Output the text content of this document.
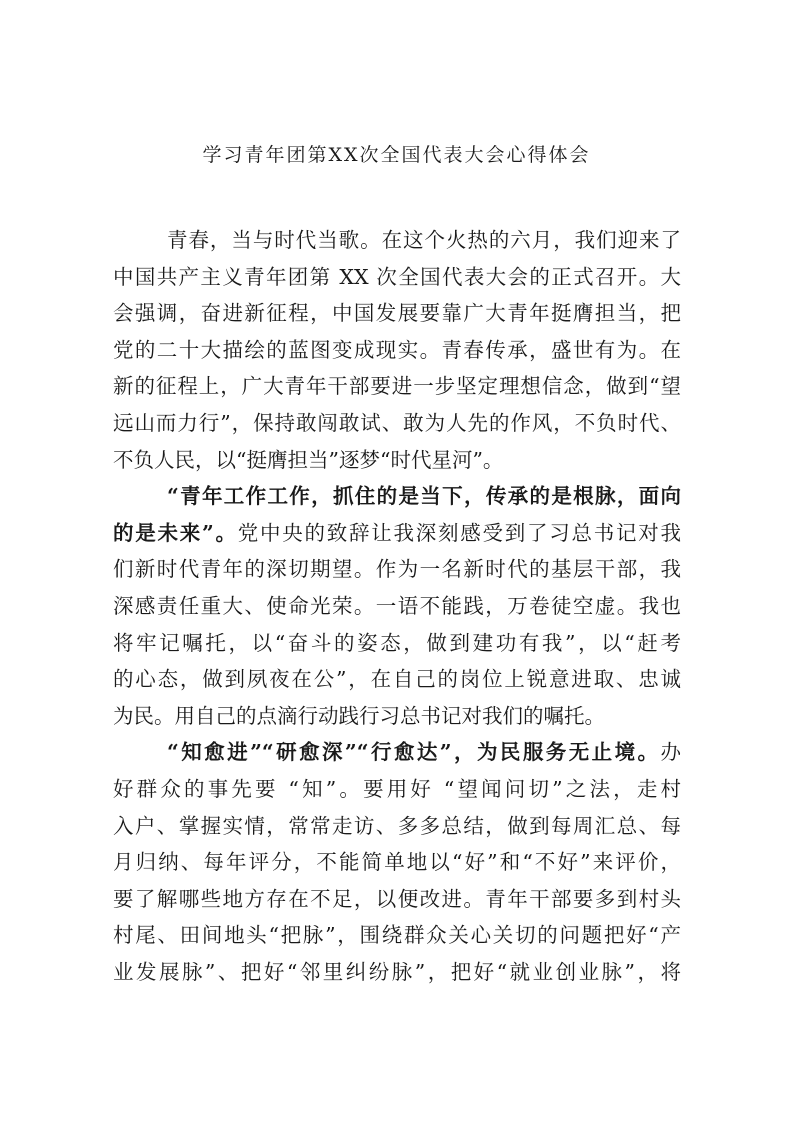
学习青年团第XX次全国代表大会心得体会
青春，当与时代当歌。在这个火热的六月，我们迎来了
中国共产主义青年团第 XX 次全国代表大会的正式召开。大
会强调，奋进新征程，中国发展要靠广大青年挺膺担当，把
党的二十大描绘的蓝图变成现实。青春传承，盛世有为。在
新的征程上，广大青年干部要进一步坚定理想信念，做到“望
远山而力行”，保持敢闯敢试、敢为人先的作风，不负时代、
不负人民，以“挺膺担当”逐梦“时代星河”。
“青年工作工作，抓住的是当下，传承的是根脉，面向
的是未来”。党中央的致辞让我深刻感受到了习总书记对我
们新时代青年的深切期望。作为一名新时代的基层干部，我
深感责任重大、使命光荣。一语不能践，万卷徒空虚。我也
将牢记嘱托，以“奋斗的姿态，做到建功有我”，以“赶考
的心态，做到夙夜在公”，在自己的岗位上锐意进取、忠诚
为民。用自己的点滴行动践行习总书记对我们的嘱托。
“知愈进”“研愈深”“行愈达”，为民服务无止境。办
好群众的事先要 “知”。要用好 “望闻问切”之法，走村
入户、掌握实情，常常走访、多多总结，做到每周汇总、每
月归纳、每年评分，不能简单地以“好”和“不好”来评价，
要了解哪些地方存在不足，以便改进。青年干部要多到村头
村尾、田间地头“把脉”，围绕群众关心关切的问题把好“产
业发展脉”、把好“邻里纠纷脉”，把好“就业创业脉”，将
